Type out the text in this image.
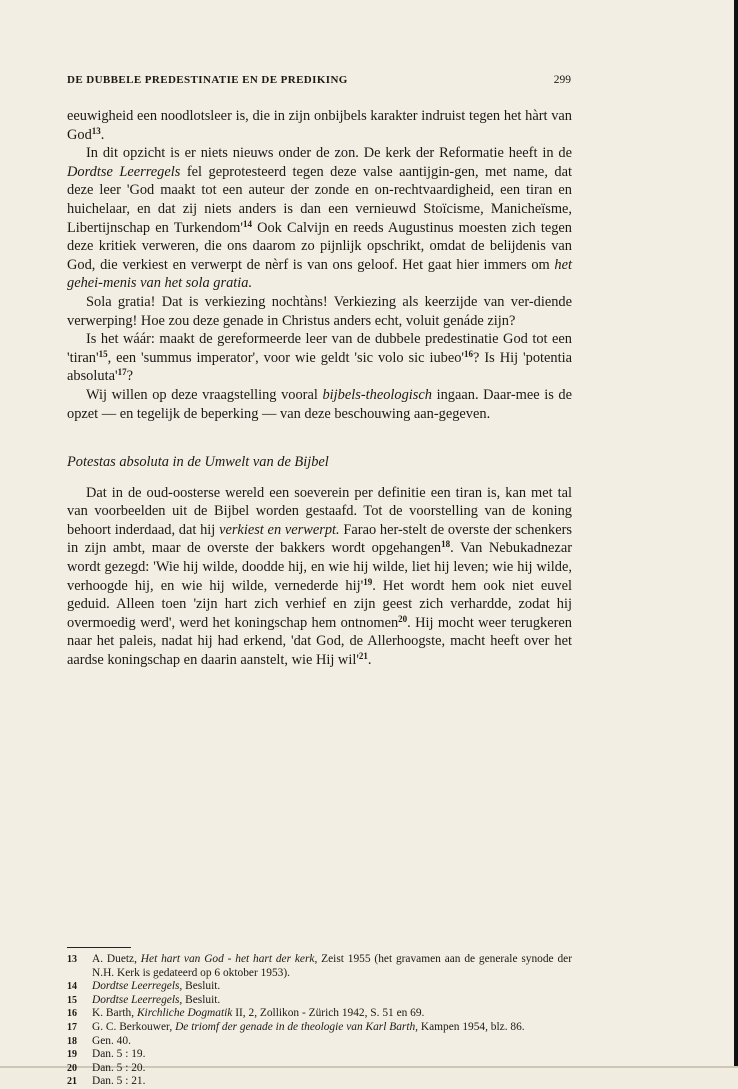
DE DUBBELE PREDESTINATIE EN DE PREDIKING	299

eeuwigheid een noodlotsleer is, die in zijn onbijbels karakter indruist tegen het hàrt van God$^{13}$.

In dit opzicht is er niets nieuws onder de zon. De kerk der Reformatie heeft in de Dordtse Leerregels fel geprotesteerd tegen deze valse aantijgin-gen, met name, dat deze leer 'God maakt tot een auteur der zonde en on-rechtvaardigheid, een tiran en huichelaar, en dat zij niets anders is dan een vernieuwd Stoïcisme, Manicheïsme, Libertijnschap en $Turkendom'^{14}$ Ook Calvijn en reeds Augustinus moesten zich tegen deze kritiek verweren, die ons daarom zo pijnlijk opschrikt, omdat de belijdenis van God, die verkiest en verwerpt de nèrf is van ons geloof. Het gaat hier immers om het gehei-menis van het sola gratia.

Sola gratia! Dat is verkiezing nochtàns! Verkiezing als keerzijde van ver-diende verwerping! Hoe zou deze genade in Christus anders echt, voluit genáde zijn?

Is het wáár: maakt de gereformeerde leer van de dubbele predestinatie God tot een '$tiran'^{15}$, een 'summus imperator', voor wie geldt 'sic volo sic $iubeo'^{16}$? Is Hij 'potentia $absoluta'^{17}$?

Wij willen op deze vraagstelling vooral bijbels-theologisch ingaan. Daar-mee is de opzet — en tegelijk de beperking — van deze beschouwing aan-gegeven.

Potestas absoluta in de Umwelt van de Bijbel

Dat in de oud-oosterse wereld een soeverein per definitie een tiran is, kan met tal van voorbeelden uit de Bijbel worden gestaafd. Tot de voorstelling van de koning behoort inderdaad, dat hij verkiest en verwerpt. Farao her-stelt de overste der schenkers in zijn ambt, maar de overste der bakkers wordt opgehangen$^{18}$. Van Nebukadnezar wordt gezegd: 'Wie hij wilde, doodde hij, en wie hij wilde, liet hij leven; wie hij wilde, verhoogde hij, en wie hij wilde, vernederde $hij'^{19}$. Het wordt hem ook niet euvel geduid. Alleen toen 'zijn hart zich verhief en zijn geest zich verhardde, zodat hij overmoedig werd', werd het koningschap hem ontnomen$^{20}$. Hij mocht weer terugkeren naar het paleis, nadat hij had erkend, 'dat God, de Allerhoogste, macht heeft over het aardse koningschap en daarin aanstelt, wie Hij $wil'^{21}$.

13	A. Duetz, Het hart van God - het hart der kerk, Zeist 1955 (het gravamen aan de generale synode der N.H. Kerk is gedateerd op 6 oktober 1953).
14	Dordtse Leerregels, Besluit.
15	Dordtse Leerregels, Besluit.
16	K. Barth, Kirchliche Dogmatik II, 2, Zollikon - Zürich 1942, S. 51 en 69.
17	G. C. Berkouwer, De triomf der genade in de theologie van Karl Barth, Kampen 1954, blz. 86.
18	Gen. 40.
19	Dan. 5 : 19.
20	Dan. 5 : 20.
21	Dan. 5 : 21.
